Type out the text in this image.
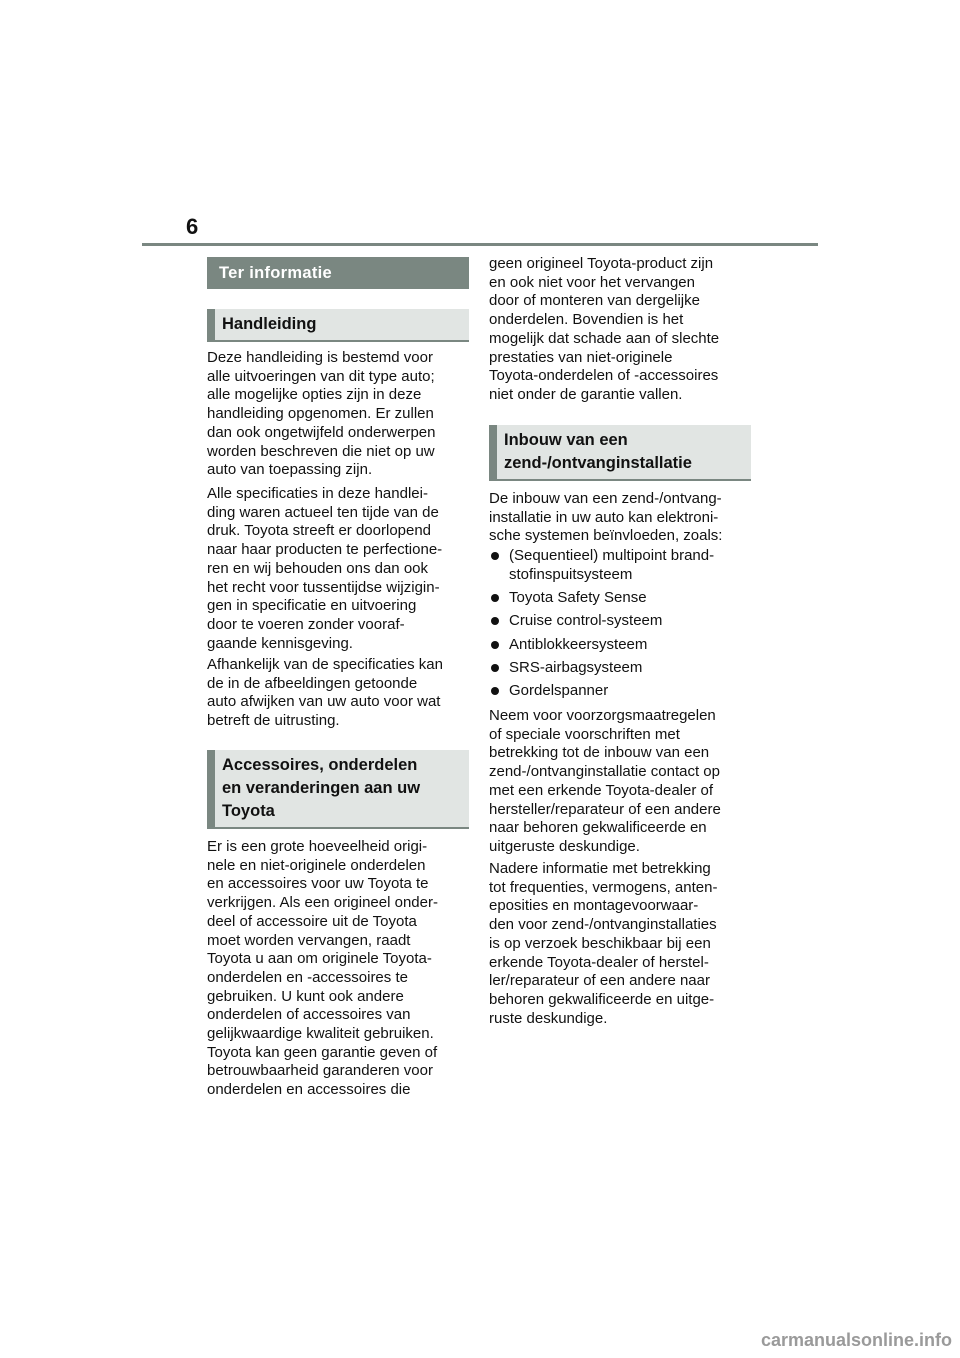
6
Ter informatie
Handleiding

Deze handleiding is bestemd voor
alle uitvoeringen van dit type auto;
alle mogelijke opties zijn in deze
handleiding opgenomen. Er zullen
dan ook ongetwijfeld onderwerpen
worden beschreven die niet op uw
auto van toepassing zijn.

Alle specificaties in deze handlei-
ding waren actueel ten tijde van de
druk. Toyota streeft er doorlopend
naar haar producten te perfectione-
ren en wij behouden ons dan ook
het recht voor tussentijdse wijzigin-
gen in specificatie en uitvoering
door te voeren zonder vooraf-
gaande kennisgeving.

Afhankelijk van de specificaties kan
de in de afbeeldingen getoonde
auto afwijken van uw auto voor wat
betreft de uitrusting.

Accessoires, onderdelen
en veranderingen aan uw
Toyota

Er is een grote hoeveelheid origi-
nele en niet-originele onderdelen
en accessoires voor uw Toyota te
verkrijgen. Als een origineel onder-
deel of accessoire uit de Toyota
moet worden vervangen, raadt
Toyota u aan om originele Toyota-
onderdelen en -accessoires te
gebruiken. U kunt ook andere
onderdelen of accessoires van
gelijkwaardige kwaliteit gebruiken.
Toyota kan geen garantie geven of
betrouwbaarheid garanderen voor
onderdelen en accessoires die

geen origineel Toyota-product zijn
en ook niet voor het vervangen
door of monteren van dergelijke
onderdelen. Bovendien is het
mogelijk dat schade aan of slechte
prestaties van niet-originele
Toyota-onderdelen of -accessoires
niet onder de garantie vallen.

Inbouw van een
zend-/ontvanginstallatie

De inbouw van een zend-/ontvang-
installatie in uw auto kan elektroni-
sche systemen beïnvloeden, zoals:

(Sequentieel) multipoint brand-
stofinspuitsysteem
Toyota Safety Sense
Cruise control-systeem
Antiblokkeersysteem
SRS-airbagsysteem
Gordelspanner

Neem voor voorzorgsmaatregelen
of speciale voorschriften met
betrekking tot de inbouw van een
zend-/ontvanginstallatie contact op
met een erkende Toyota-dealer of
hersteller/reparateur of een andere
naar behoren gekwalificeerde en
uitgeruste deskundige.

Nadere informatie met betrekking
tot frequenties, vermogens, anten-
eposities en montagevoorwaar-
den voor zend-/ontvanginstallaties
is op verzoek beschikbaar bij een
erkende Toyota-dealer of herstel-
ler/reparateur of een andere naar
behoren gekwalificeerde en uitge-
ruste deskundige.

carmanualsonline.info
